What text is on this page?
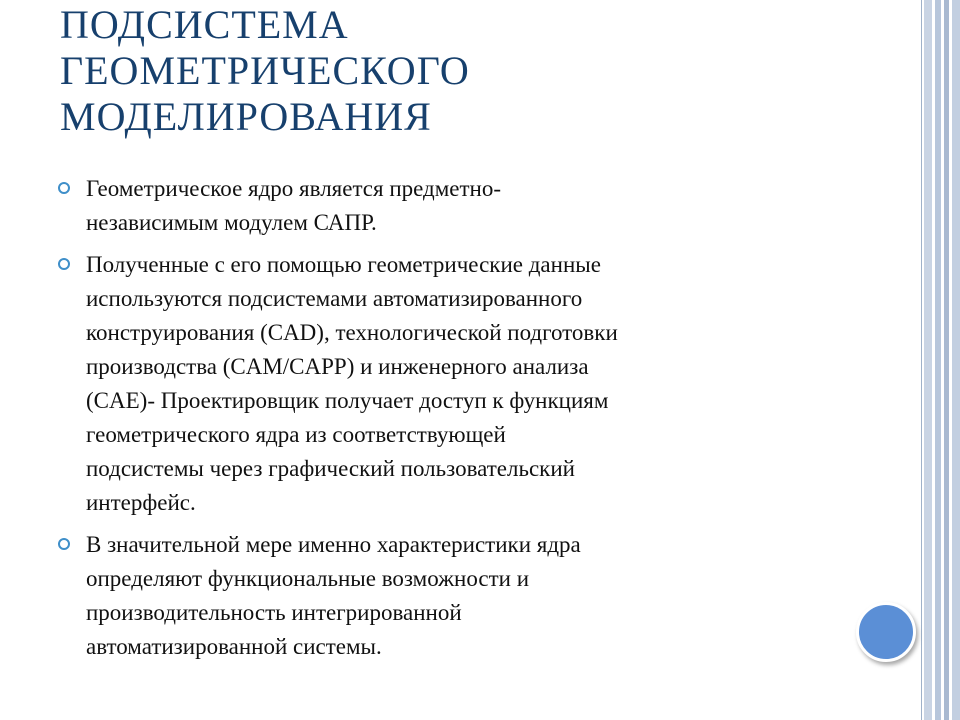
ПОДСИСТЕМА
ГЕОМЕТРИЧЕСКОГО
МОДЕЛИРОВАНИЯ
Геометрическое ядро является предметно-
независимым модулем САПР.
Полученные с его помощью геометрические данные
используются подсистемами автоматизированного
конструирования (CAD), технологической подготовки
производства (CAM/CAPP) и инженерного анализа
(CAE)- Проектировщик получает доступ к функциям
геометрического ядра из соответствующей
подсистемы через графический пользовательский
интерфейс.
В значительной мере именно характеристики ядра
определяют функциональные возможности и
производительность интегрированной
автоматизированной системы.
